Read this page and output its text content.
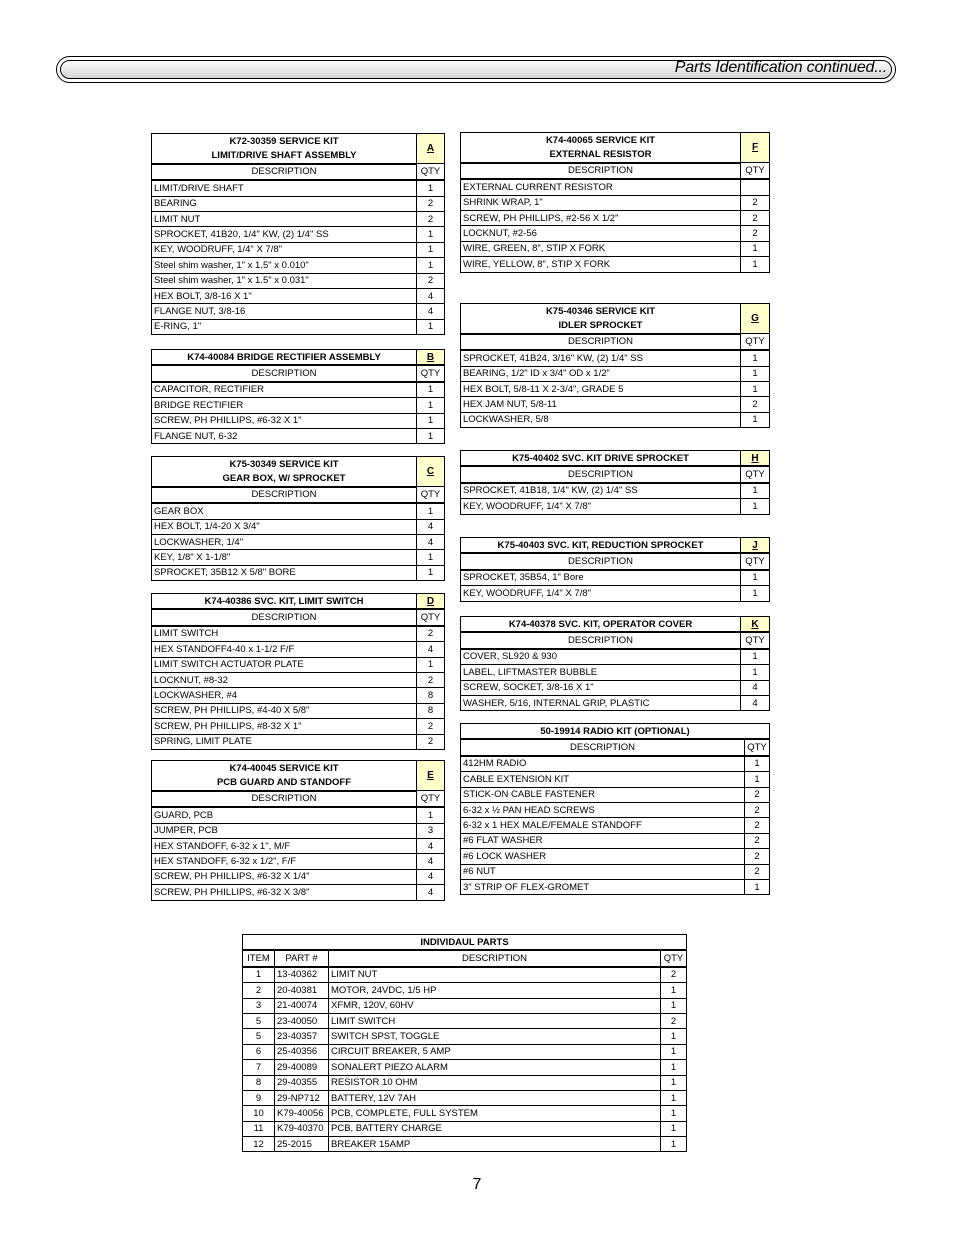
Parts Identification continued...
K72-30359 SERVICE KIT	A
LIMIT/DRIVE SHAFT ASSEMBLY	
DESCRIPTION	QTY
LIMIT/DRIVE SHAFT	1
BEARING	2
LIMIT NUT	2
SPROCKET, 41B20, 1/4" KW, (2) 1/4" SS	1
KEY, WOODRUFF, 1/4" X 7/8"	1
Steel shim washer, 1" x 1.5" x 0.010"	1
Steel shim washer, 1" x 1.5" x 0.031"	2
HEX BOLT, 3/8-16 X 1"	4
FLANGE NUT, 3/8-16	4
E-RING, 1"	1
K74-40084 BRIDGE RECTIFIER ASSEMBLY	B
DESCRIPTION	QTY
CAPACITOR, RECTIFIER	1
BRIDGE RECTIFIER	1
SCREW, PH PHILLIPS, #6-32 X 1"	1
FLANGE NUT, 6-32	1
K75-30349 SERVICE KIT	C
GEAR BOX, W/ SPROCKET	
DESCRIPTION	QTY
GEAR BOX	1
HEX BOLT, 1/4-20 X 3/4"	4
LOCKWASHER, 1/4"	4
KEY, 1/8" X 1-1/8"	1
SPROCKET, 35B12 X 5/8" BORE	1
K74-40386 SVC. KIT, LIMIT SWITCH	D
DESCRIPTION	QTY
LIMIT SWITCH	2
HEX STANDOFF4-40 x 1-1/2 F/F	4
LIMIT SWITCH ACTUATOR PLATE	1
LOCKNUT, #8-32	2
LOCKWASHER, #4	8
SCREW, PH PHILLIPS, #4-40 X 5/8"	8
SCREW, PH PHILLIPS, #8-32 X 1"	2
SPRING, LIMIT PLATE	2
K74-40045 SERVICE KIT	E
PCB GUARD AND STANDOFF	
DESCRIPTION	QTY
GUARD, PCB	1
JUMPER, PCB	3
HEX STANDOFF, 6-32 x 1", M/F	4
HEX STANDOFF, 6-32 x 1/2", F/F	4
SCREW, PH PHILLIPS, #6-32 X 1/4"	4
SCREW, PH PHILLIPS, #6-32 X 3/8"	4
K74-40065 SERVICE KIT	F
EXTERNAL RESISTOR	
DESCRIPTION	QTY
EXTERNAL CURRENT RESISTOR	
SHRINK WRAP, 1"	2
SCREW, PH PHILLIPS, #2-56 X 1/2"	2
LOCKNUT, #2-56	2
WIRE, GREEN, 8", STIP X FORK	1
WIRE, YELLOW, 8", STIP X FORK	1
K75-40346 SERVICE KIT	G
IDLER SPROCKET	
DESCRIPTION	QTY
SPROCKET, 41B24, 3/16" KW, (2) 1/4" SS	1
BEARING, 1/2" ID x 3/4" OD x 1/2"	1
HEX BOLT, 5/8-11 X 2-3/4", GRADE 5	1
HEX JAM NUT, 5/8-11	2
LOCKWASHER, 5/8	1
K75-40402 SVC. KIT DRIVE SPROCKET	H
DESCRIPTION	QTY
SPROCKET, 41B18, 1/4" KW, (2) 1/4" SS	1
KEY, WOODRUFF, 1/4" X 7/8"	1
K75-40403 SVC. KIT, REDUCTION SPROCKET	J
DESCRIPTION	QTY
SPROCKET, 35B54, 1" Bore	1
KEY, WOODRUFF, 1/4" X 7/8"	1
K74-40378 SVC. KIT, OPERATOR COVER	K
DESCRIPTION	QTY
COVER, SL920 & 930	1
LABEL, LIFTMASTER BUBBLE	1
SCREW, SOCKET, 3/8-16 X 1"	4
WASHER, 5/16, INTERNAL GRIP, PLASTIC	4
50-19914 RADIO KIT (OPTIONAL)	
DESCRIPTION	QTY
412HM RADIO	1
CABLE EXTENSION KIT	1
STICK-ON CABLE FASTENER	2
6-32 x ½ PAN HEAD SCREWS	2
6-32 x 1 HEX MALE/FEMALE STANDOFF	2
#6 FLAT WASHER	2
#6 LOCK WASHER	2
#6 NUT	2
3" STRIP OF FLEX-GROMET	1
INDIVIDAUL PARTS			
ITEM	PART #	DESCRIPTION	QTY
1	13-40362	LIMIT NUT	2
2	20-40381	MOTOR, 24VDC, 1/5 HP	1
3	21-40074	XFMR, 120V, 60HV	1
5	23-40050	LIMIT SWITCH	2
5	23-40357	SWITCH SPST, TOGGLE	1
6	25-40356	CIRCUIT BREAKER, 5 AMP	1
7	29-40089	SONALERT PIEZO ALARM	1
8	29-40355	RESISTOR 10 OHM	1
9	29-NP712	BATTERY, 12V 7AH	1
10	K79-40056	PCB, COMPLETE, FULL SYSTEM	1
11	K79-40370	PCB, BATTERY CHARGE	1
12	25-2015	BREAKER 15AMP	1
7
